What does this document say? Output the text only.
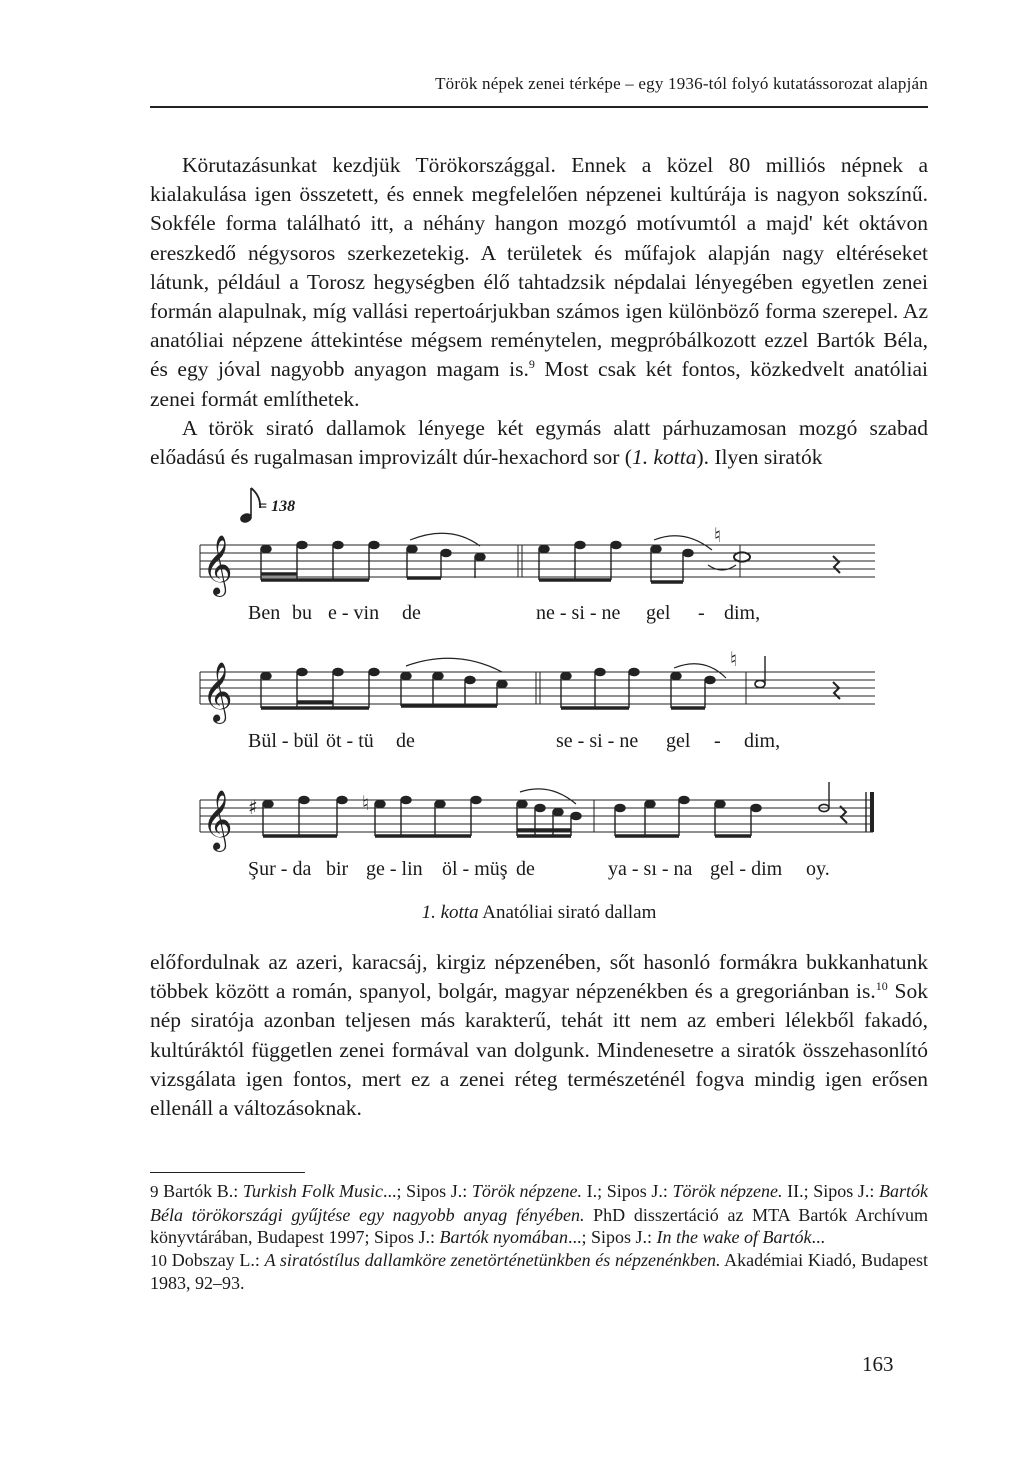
Török népek zenei térképe – egy 1936-tól folyó kutatássorozat alapján

Körutazásunkat kezdjük Törökországgal. Ennek a közel 80 milliós népnek a kialakulása igen összetett, és ennek megfelelően népzenei kultúrája is nagyon sokszínű. Sokféle forma található itt, a néhány hangon mozgó motívumtól a majd' két oktávon ereszkedő négysoros szerkezetekig. A területek és műfajok alapján nagy eltéréseket látunk, például a Torosz hegységben élő tahtadzsik népdalai lényegében egyetlen zenei formán alapulnak, míg vallási repertoárjukban számos igen különböző forma szerepel. Az anatóliai népzene áttekintése mégsem reménytelen, megpróbálkozott ezzel Bartók Béla, és egy jóval nagyobb anyagon magam is.$^9$ Most csak két fontos, közkedvelt anatóliai zenei formát említhetek.

A török sirató dallamok lényege két egymás alatt párhuzamosan mozgó szabad előadású és rugalmasan improvizált dúr-hexachord sor (1. kotta). Ilyen siratók

𝄞	♮
𝄞
♮
𝄞 ♯	♮
= 138
Ben bu e - vin de	ne - si - ne gel - dim,
Bül - bül öt - tü de	se - si - ne gel - dim,
Şur - da bir ge - lin öl - müş de	ya - sı - na gel - dim oy.
1. kotta Anatóliai sirató dallam

előfordulnak az azeri, karacsáj, kirgiz népzenében, sőt hasonló formákra bukkanhatunk többek között a román, spanyol, bolgár, magyar népzenékben és a gregoriánban is.$^{10}$ Sok nép siratója azonban teljesen más karakterű, tehát itt nem az emberi lélekből fakadó, kultúráktól független zenei formával van dolgunk. Mindenesetre a siratók összehasonlító vizsgálata igen fontos, mert ez a zenei réteg természeténél fogva mindig igen erősen ellenáll a változásoknak.

9 Bartók B.: Turkish Folk Music...; Sipos J.: Török népzene. I.; Sipos J.: Török népzene. II.; Sipos J.: Bartók Béla törökországi gyűjtése egy nagyobb anyag fényében. PhD disszertáció az MTA Bartók Archívum könyvtárában, Budapest 1997; Sipos J.: Bartók nyomában...; Sipos J.: In the wake of Bartók...

10 Dobszay L.: A siratóstílus dallamköre zenetörténetünkben és népzenénkben. Akadémiai Kiadó, Budapest 1983, 92–93.

163
